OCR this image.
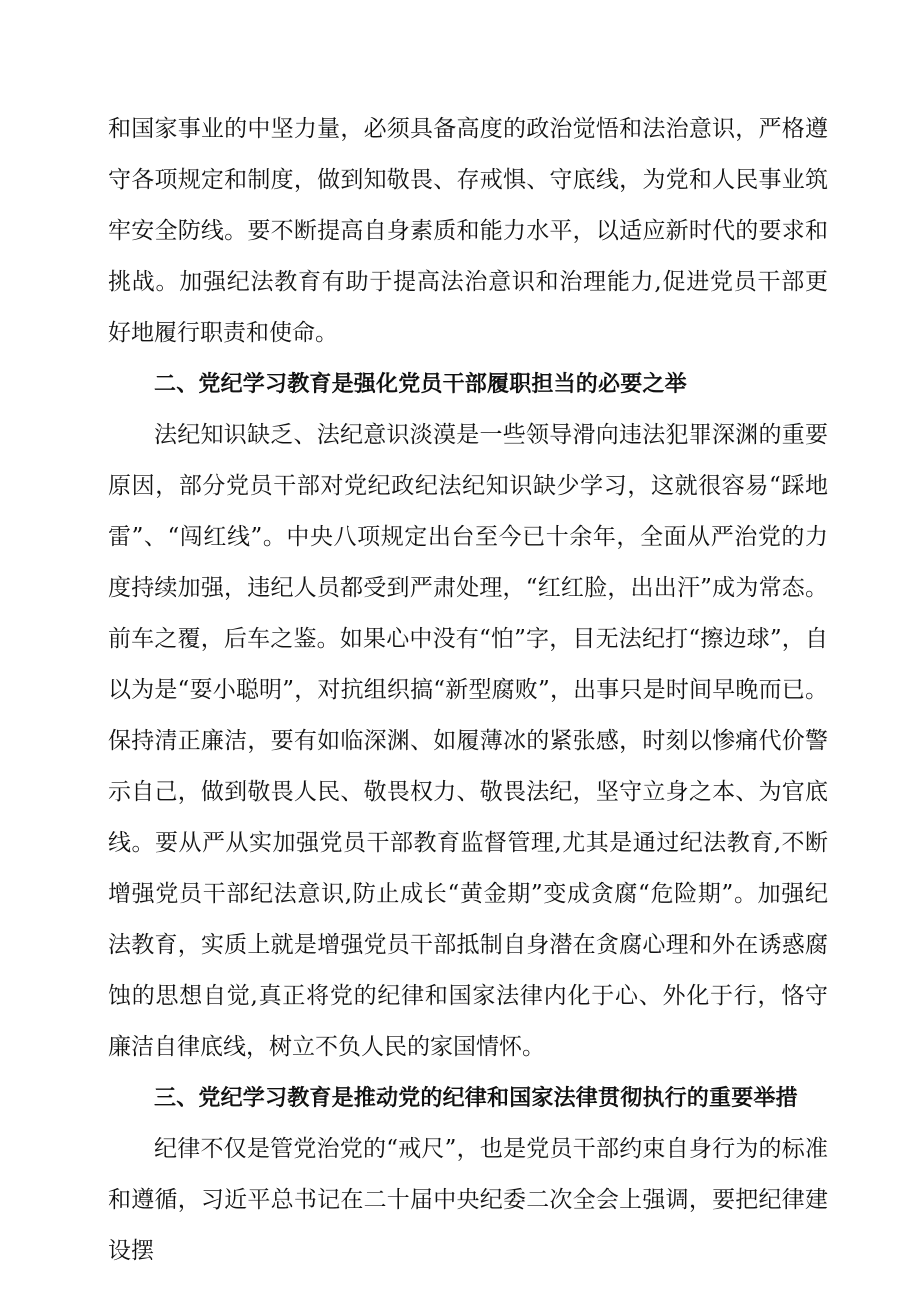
和国家事业的中坚力量，必须具备高度的政治觉悟和法治意识，严格遵守各项规定和制度，做到知敬畏、存戒惧、守底线，为党和人民事业筑牢安全防线。要不断提高自身素质和能力水平，以适应新时代的要求和挑战。加强纪法教育有助于提高法治意识和治理能力,促进党员干部更好地履行职责和使命。

二、党纪学习教育是强化党员干部履职担当的必要之举

法纪知识缺乏、法纪意识淡漠是一些领导滑向违法犯罪深渊的重要原因，部分党员干部对党纪政纪法纪知识缺少学习，这就很容易“踩地雷”、“闯红线”。中央八项规定出台至今已十余年，全面从严治党的力度持续加强，违纪人员都受到严肃处理，“红红脸，出出汗”成为常态。前车之覆，后车之鉴。如果心中没有“怕”字，目无法纪打“擦边球”，自以为是“耍小聪明”，对抗组织搞“新型腐败”，出事只是时间早晚而已。保持清正廉洁，要有如临深渊、如履薄冰的紧张感，时刻以惨痛代价警示自己，做到敬畏人民、敬畏权力、敬畏法纪，坚守立身之本、为官底线。要从严从实加强党员干部教育监督管理,尤其是通过纪法教育,不断增强党员干部纪法意识,防止成长“黄金期”变成贪腐“危险期”。加强纪法教育，实质上就是增强党员干部抵制自身潜在贪腐心理和外在诱惑腐蚀的思想自觉,真正将党的纪律和国家法律内化于心、外化于行，恪守廉洁自律底线，树立不负人民的家国情怀。

三、党纪学习教育是推动党的纪律和国家法律贯彻执行的重要举措

纪律不仅是管党治党的“戒尺”，也是党员干部约束自身行为的标准和遵循，习近平总书记在二十届中央纪委二次全会上强调，要把纪律建设摆
